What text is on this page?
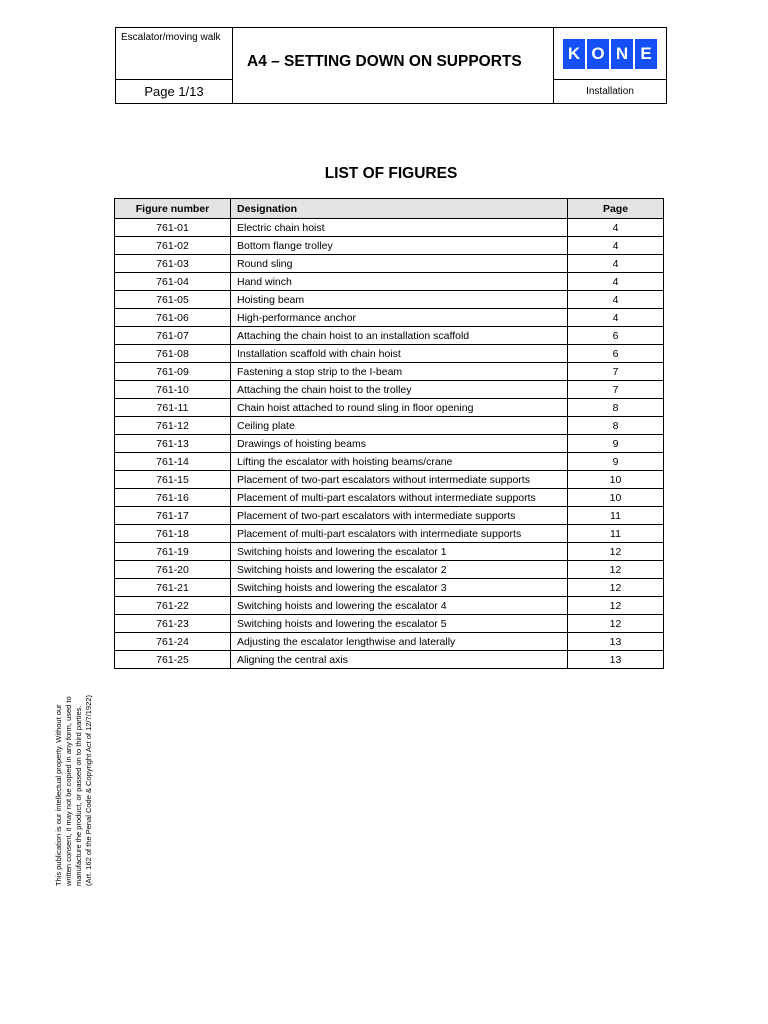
Escalator/moving walk
Page 1/13
A4 – SETTING DOWN ON SUPPORTS	K O N E
Installation
LIST OF FIGURES
Figure number	Designation	Page
761-01	Electric chain hoist	4
761-02	Bottom flange trolley	4
761-03	Round sling	4
761-04	Hand winch	4
761-05	Hoisting beam	4
761-06	High-performance anchor	4
761-07	Attaching the chain hoist to an installation scaffold	6
761-08	Installation scaffold with chain hoist	6
761-09	Fastening a stop strip to the I-beam	7
761-10	Attaching the chain hoist to the trolley	7
761-11	Chain hoist attached to round sling in floor opening	8
761-12	Ceiling plate	8
761-13	Drawings of hoisting beams	9
761-14	Lifting the escalator with hoisting beams/crane	9
761-15	Placement of two-part escalators without intermediate supports	10
761-16	Placement of multi-part escalators without intermediate supports	10
761-17	Placement of two-part escalators with intermediate supports	11
761-18	Placement of multi-part escalators with intermediate supports	11
761-19	Switching hoists and lowering the escalator 1	12
761-20	Switching hoists and lowering the escalator 2	12
761-21	Switching hoists and lowering the escalator 3	12
761-22	Switching hoists and lowering the escalator 4	12
761-23	Switching hoists and lowering the escalator 5	12
761-24	Adjusting the escalator lengthwise and laterally	13
761-25	Aligning the central axis	13
This publication is our intellectual property. Without our written consent, it may not be copied in any form, used to manufacture the product, or passed on to third parties. (Art. 162 of the Penal Code & Copyright Act of 12/7/1922)
